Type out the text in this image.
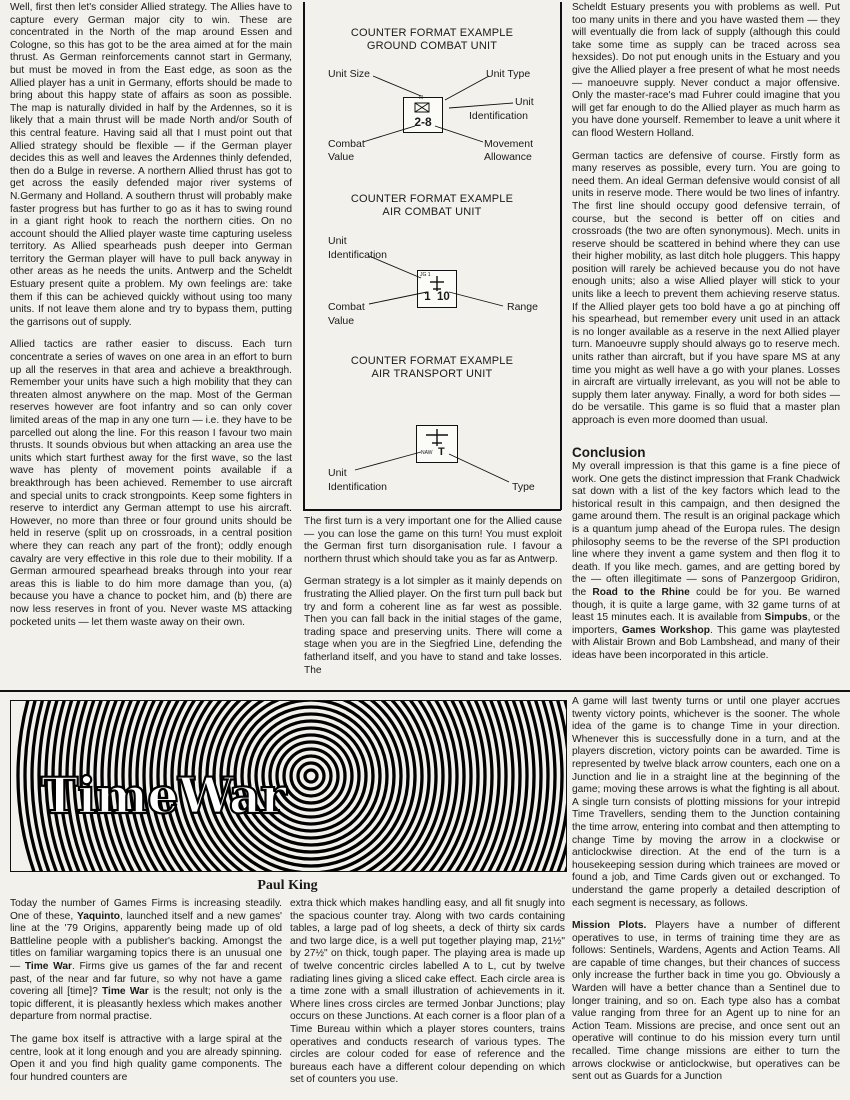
Well, first then let's consider Allied strategy. The Allies have to capture every German major city to win. These are concentrated in the North of the map around Essen and Cologne, so this has got to be the area aimed at for the main thrust. As German reinforcements cannot start in Germany, but must be moved in from the East edge, as soon as the Allied player has a unit in Germany, efforts should be made to bring about this happy state of affairs as soon as possible. The map is naturally divided in half by the Ardennes, so it is likely that a main thrust will be made North and/or South of this central feature. Having said all that I must point out that Allied strategy should be flexible — if the German player decides this as well and leaves the Ardennes thinly defended, then do a Bulge in reverse. A northern Allied thrust has got to get across the easily defended major river systems of N.Germany and Holland. A southern thrust will probably make faster progress but has further to go as it has to swing round in a giant right hook to reach the northern cities. On no account should the Allied player waste time capturing useless territory. As Allied spearheads push deeper into German territory the German player will have to pull back anyway in other areas as he needs the units. Antwerp and the Scheldt Estuary present quite a problem. My own feelings are: take them if this can be achieved quickly without using too many units. If not leave them alone and try to bypass them, putting the garrisons out of supply.

Allied tactics are rather easier to discuss. Each turn concentrate a series of waves on one area in an effort to burn up all the reserves in that area and achieve a breakthrough. Remember your units have such a high mobility that they can threaten almost anywhere on the map. Most of the German reserves however are foot infantry and so can only cover limited areas of the map in any one turn — i.e. they have to be parcelled out along the line. For this reason I favour two main thrusts. It sounds obvious but when attacking an area use the units which start furthest away for the first wave, so the last wave has plenty of movement points available if a breakthrough has been achieved. Remember to use aircraft and special units to crack strongpoints. Keep some fighters in reserve to interdict any German attempt to use his aircraft. However, no more than three or four ground units should be held in reserve (split up on crossroads, in a central position where they can reach any part of the front); oddly enough cavalry are very effective in this role due to their mobility. If a German armoured spearhead breaks through into your rear areas this is liable to do him more damage than you, (a) because you have a chance to pocket him, and (b) there are now less reserves in front of you. Never waste MS attacking pocketed units — let them waste away on their own.

COUNTER FORMAT EXAMPLE
GROUND COMBAT UNIT
Unit Size	Unit Type
Unit
Identification
Combat
Value
Movement
Allowance
III
2-8
COUNTER FORMAT EXAMPLE
AIR COMBAT UNIT
Unit
Identification
Combat
Value
Range
JG 1
1  10
COUNTER FORMAT EXAMPLE
AIR TRANSPORT UNIT
Unit
Identification	Type
NAW T

The first turn is a very important one for the Allied cause — you can lose the game on this turn! You must exploit the German first turn disorganisation rule. I favour a northern thrust which should take you as far as Antwerp.

German strategy is a lot simpler as it mainly depends on frustrating the Allied player. On the first turn pull back but try and form a coherent line as far west as possible. Then you can fall back in the initial stages of the game, trading space and preserving units. There will come a stage when you are in the Siegfried Line, defending the fatherland itself, and you have to stand and take losses. The

Scheldt Estuary presents you with problems as well. Put too many units in there and you have wasted them — they will eventually die from lack of supply (although this could take some time as supply can be traced across sea hexsides). Do not put enough units in the Estuary and you give the Allied player a free present of what he most needs — manoeuvre supply. Never conduct a major offensive. Only the master-race's mad Fuhrer could imagine that you will get far enough to do the Allied player as much harm as you have done yourself. Remember to leave a unit where it can flood Western Holland.

German tactics are defensive of course. Firstly form as many reserves as possible, every turn. You are going to need them. An ideal German defensive would consist of all units in reserve mode. There would be two lines of infantry. The first line should occupy good defensive terrain, of course, but the second is better off on cities and crossroads (the two are often synonymous). Mech. units in reserve should be scattered in behind where they can use their higher mobility, as last ditch hole pluggers. This happy position will rarely be achieved because you do not have enough units; also a wise Allied player will stick to your units like a leech to prevent them achieving reserve status. If the Allied player gets too bold have a go at pinching off his spearhead, but remember every unit used in an attack is no longer available as a reserve in the next Allied player turn. Manoeuvre supply should always go to reserve mech. units rather than aircraft, but if you have spare MS at any time you might as well have a go with your planes. Losses in aircraft are virtually irrelevant, as you will not be able to supply them later anyway. Finally, a word for both sides — do be versatile. This game is so fluid that a master plan approach is even more doomed than usual.

Conclusion

My overall impression is that this game is a fine piece of work. One gets the distinct impression that Frank Chadwick sat down with a list of the key factors which lead to the historical result in this campaign, and then designed the game around them. The result is an original package which is a quantum jump ahead of the Europa rules. The design philosophy seems to be the reverse of the SPI production line where they invent a game system and then flog it to death. If you like mech. games, and are getting bored by the — often illegitimate — sons of Panzergoop Gridiron, the Road to the Rhine could be for you. Be warned though, it is quite a large game, with 32 game turns of at least 15 minutes each. It is available from Simpubs, or the importers, Games Workshop. This game was playtested with Alistair Brown and Bob Lambshead, and many of their ideas have been incorporated in this article.

TimeWar
Paul King

Today the number of Games Firms is increasing steadily. One of these, Yaquinto, launched itself and a new games' line at the '79 Origins, apparently being made up of old Battleline people with a publisher's backing. Amongst the titles on familiar wargaming topics there is an unusual one — Time War. Firms give us games of the far and recent past, of the near and far future, so why not have a game covering all [time]? Time War is the result; not only is the topic different, it is pleasantly hexless which makes another departure from normal practise.

The game box itself is attractive with a large spiral at the centre, look at it long enough and you are already spinning. Open it and you find high quality game components. The four hundred counters are

extra thick which makes handling easy, and all fit snugly into the spacious counter tray. Along with two cards containing tables, a large pad of log sheets, a deck of thirty six cards and two large dice, is a well put together playing map, 21½" by 27½" on thick, tough paper. The playing area is made up of twelve concentric circles labelled A to L, cut by twelve radiating lines giving a sliced cake effect. Each circle area is a time zone with a small illustration of achievements in it. Where lines cross circles are termed Jonbar Junctions; play occurs on these Junctions. At each corner is a floor plan of a Time Bureau within which a player stores counters, trains operatives and conducts research of various types. The circles are colour coded for ease of reference and the bureaus each have a different colour depending on which set of counters you use.

A game will last twenty turns or until one player accrues twenty victory points, whichever is the sooner. The whole idea of the game is to change Time in your direction. Whenever this is successfully done in a turn, and at the players discretion, victory points can be awarded. Time is represented by twelve black arrow counters, each one on a Junction and lie in a straight line at the beginning of the game; moving these arrows is what the fighting is all about. A single turn consists of plotting missions for your intrepid Time Travellers, sending them to the Junction containing the time arrow, entering into combat and then attempting to change Time by moving the arrow in a clockwise or anticlockwise direction. At the end of the turn is a housekeeping session during which trainees are moved or found a job, and Time Cards given out or exchanged. To understand the game properly a detailed description of each segment is necessary, as follows.

Mission Plots. Players have a number of different operatives to use, in terms of training time they are as follows: Sentinels, Wardens, Agents and Action Teams. All are capable of time changes, but their chances of success only increase the further back in time you go. Obviously a Warden will have a better chance than a Sentinel due to longer training, and so on. Each type also has a combat value ranging from three for an Agent up to nine for an Action Team. Missions are precise, and once sent out an operative will continue to do his mission every turn until recalled. Time change missions are either to turn the arrows clockwise or anticlockwise, but operatives can be sent out as Guards for a Junction
